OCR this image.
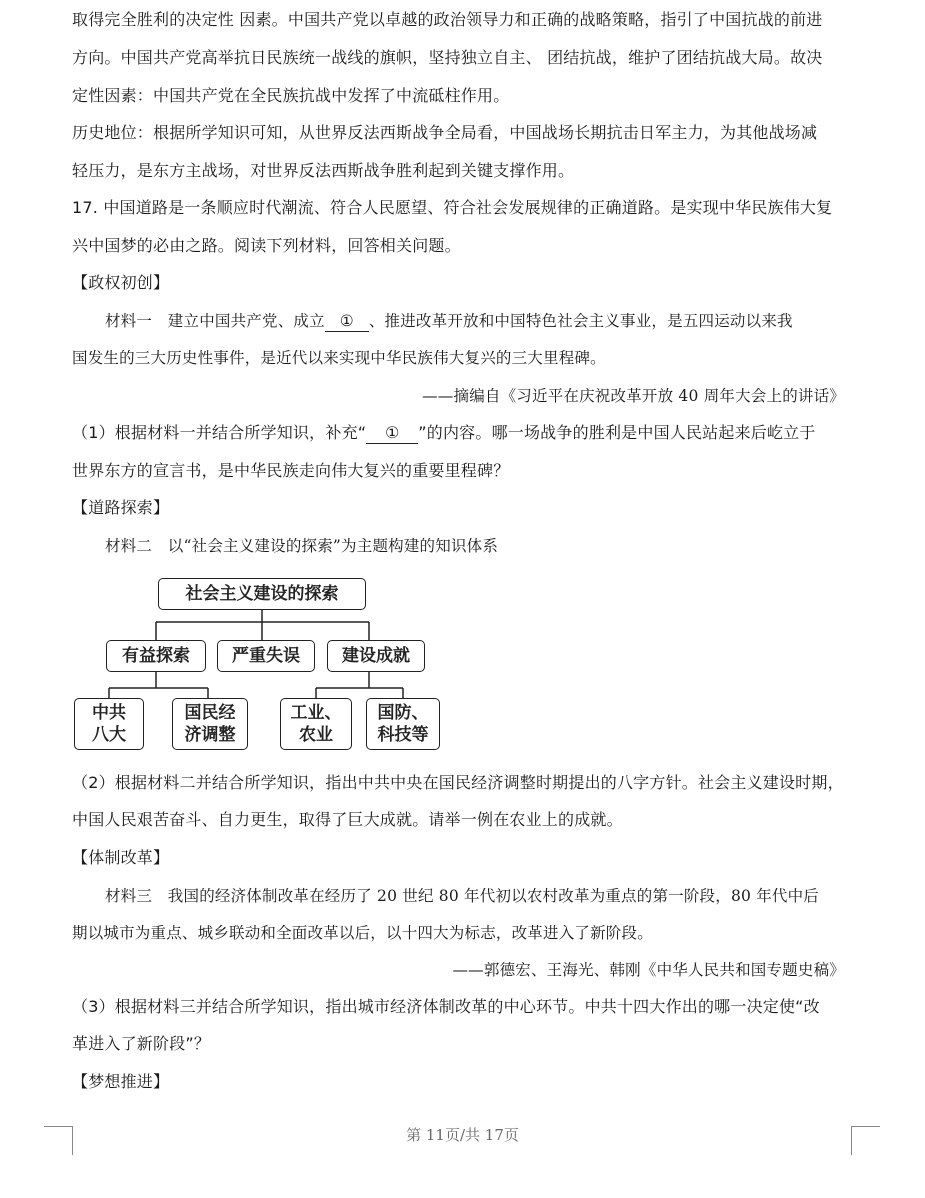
取得完全胜利的决定性 因素。中国共产党以卓越的政治领导力和正确的战略策略，指引了中国抗战的前进
方向。中国共产党高举抗日民族统一战线的旗帜，坚持独立自主、 团结抗战，维护了团结抗战大局。故决
定性因素：中国共产党在全民族抗战中发挥了中流砥柱作用。
历史地位：根据所学知识可知，从世界反法西斯战争全局看，中国战场长期抗击日军主力，为其他战场减
轻压力，是东方主战场，对世界反法西斯战争胜利起到关键支撑作用。
17. 中国道路是一条顺应时代潮流、符合人民愿望、符合社会发展规律的正确道路。是实现中华民族伟大复
兴中国梦的必由之路。阅读下列材料，回答相关问题。
【政权初创】
材料一　建立中国共产党、成立 ① 、推进改革开放和中国特色社会主义事业，是五四运动以来我
国发生的三大历史性事件，是近代以来实现中华民族伟大复兴的三大里程碑。
——摘编自《习近平在庆祝改革开放 40 周年大会上的讲话》
（1）根据材料一并结合所学知识，补充“ ① ”的内容。哪一场战争的胜利是中国人民站起来后屹立于
世界东方的宣言书，是中华民族走向伟大复兴的重要里程碑？
【道路探索】
材料二　以“社会主义建设的探索”为主题构建的知识体系
社会主义建设的探索
有益探索	严重失误	建设成就
中共
八大
国民经
济调整
工业、
农业
国防、
科技等
（2）根据材料二并结合所学知识，指出中共中央在国民经济调整时期提出的八字方针。社会主义建设时期，
中国人民艰苦奋斗、自力更生，取得了巨大成就。请举一例在农业上的成就。
【体制改革】
材料三　我国的经济体制改革在经历了 20 世纪 80 年代初以农村改革为重点的第一阶段，80 年代中后
期以城市为重点、城乡联动和全面改革以后，以十四大为标志，改革进入了新阶段。
——郭德宏、王海光、韩刚《中华人民共和国专题史稿》
（3）根据材料三并结合所学知识，指出城市经济体制改革的中心环节。中共十四大作出的哪一决定使“改
革进入了新阶段”？
【梦想推进】
第 11页/共 17页
